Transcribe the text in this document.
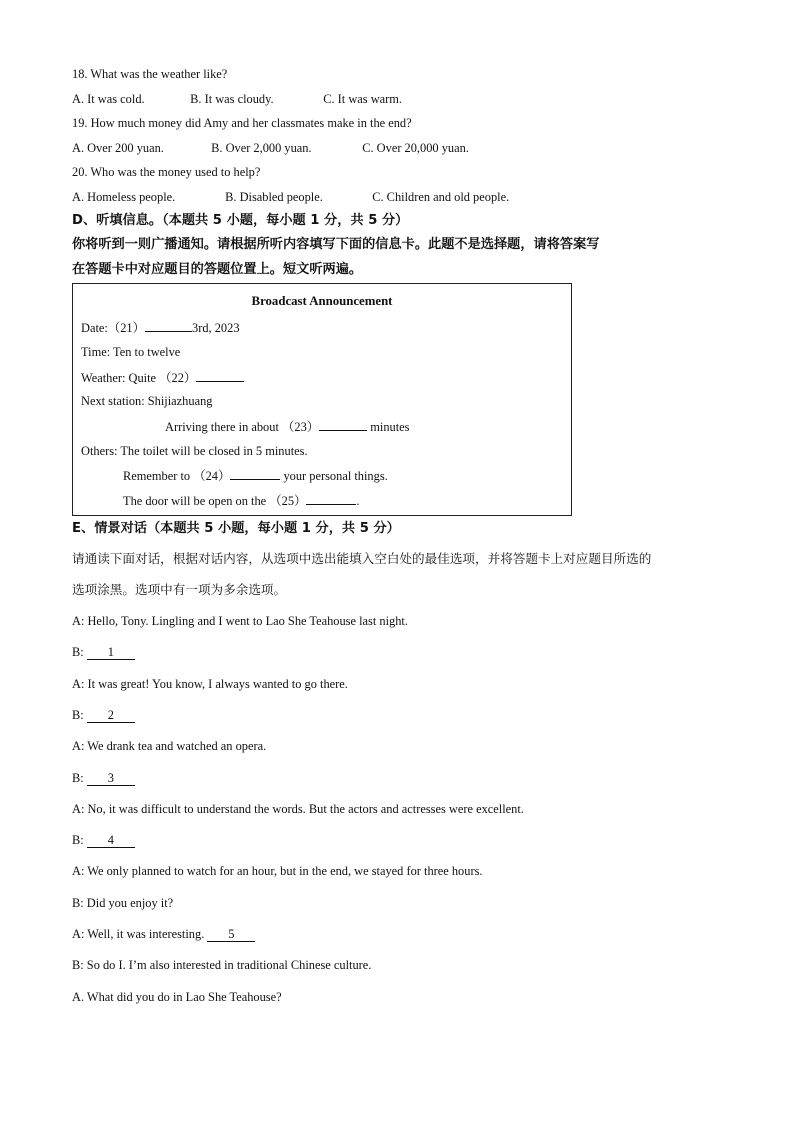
18. What was the weather like?
A. It was cold.	B. It was cloudy.	C. It was warm.
19. How much money did Amy and her classmates make in the end?
A. Over 200 yuan.	B. Over 2,000 yuan.	C. Over 20,000 yuan.
20. Who was the money used to help?
A. Homeless people.	B. Disabled people.	C. Children and old people.
D、听填信息。（本题共 5 小题，每小题 1 分，共 5 分）
你将听到一则广播通知。请根据所听内容填写下面的信息卡。此题不是选择题，请将答案写
在答题卡中对应题目的答题位置上。短文听两遍。
Broadcast Announcement
Date:（21）	3rd, 2023
Time: Ten to twelve
Weather: Quite （22）
Next station: Shijiazhuang
Arriving there in about （23）	minutes
Others: The toilet will be closed in 5 minutes.
Remember to （24）	your personal things.
The door will be open on the （25）	.
E、情景对话（本题共 5 小题，每小题 1 分，共 5 分）
请通读下面对话，根据对话内容，从选项中选出能填入空白处的最佳选项，并将答题卡上对应题目所选的
选项涂黑。选项中有一项为多余选项。
A: Hello, Tony. Lingling and I went to Lao She Teahouse last night.
B: 1
A: It was great! You know, I always wanted to go there.
B: 2
A: We drank tea and watched an opera.
B: 3
A: No, it was difficult to understand the words. But the actors and actresses were excellent.
B: 4
A: We only planned to watch for an hour, but in the end, we stayed for three hours.
B: Did you enjoy it?
A: Well, it was interesting. 5
B: So do I. I’m also interested in traditional Chinese culture.
A. What did you do in Lao She Teahouse?
